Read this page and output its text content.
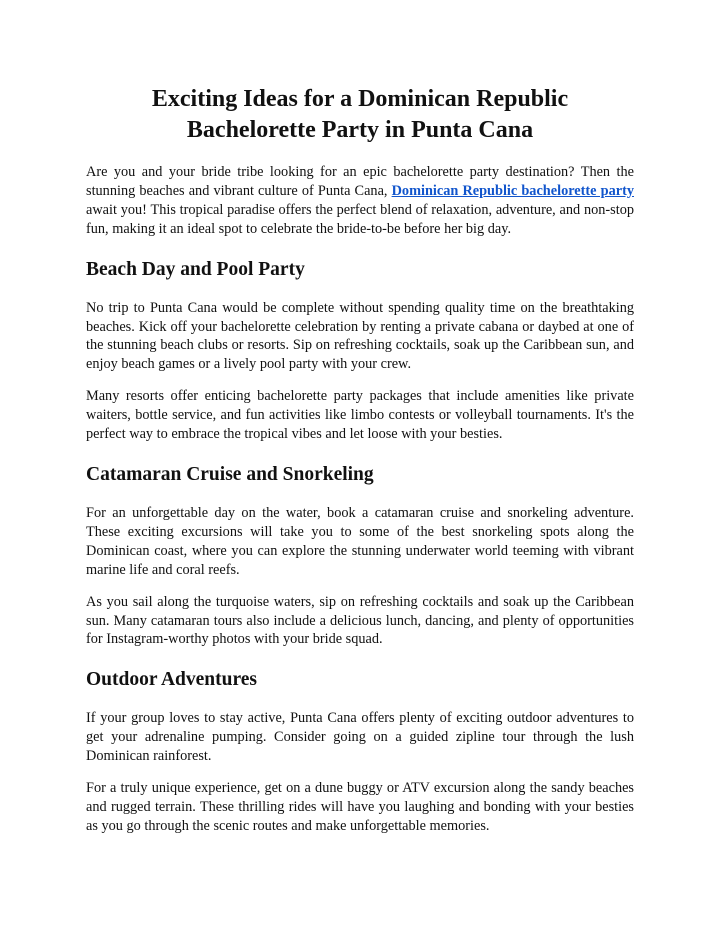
Exciting Ideas for a Dominican Republic Bachelorette Party in Punta Cana

Are you and your bride tribe looking for an epic bachelorette party destination? Then the stunning beaches and vibrant culture of Punta Cana, Dominican Republic bachelorette party await you! This tropical paradise offers the perfect blend of relaxation, adventure, and non-stop fun, making it an ideal spot to celebrate the bride-to-be before her big day.

Beach Day and Pool Party

No trip to Punta Cana would be complete without spending quality time on the breathtaking beaches. Kick off your bachelorette celebration by renting a private cabana or daybed at one of the stunning beach clubs or resorts. Sip on refreshing cocktails, soak up the Caribbean sun, and enjoy beach games or a lively pool party with your crew.

Many resorts offer enticing bachelorette party packages that include amenities like private waiters, bottle service, and fun activities like limbo contests or volleyball tournaments. It's the perfect way to embrace the tropical vibes and let loose with your besties.

Catamaran Cruise and Snorkeling

For an unforgettable day on the water, book a catamaran cruise and snorkeling adventure. These exciting excursions will take you to some of the best snorkeling spots along the Dominican coast, where you can explore the stunning underwater world teeming with vibrant marine life and coral reefs.

As you sail along the turquoise waters, sip on refreshing cocktails and soak up the Caribbean sun. Many catamaran tours also include a delicious lunch, dancing, and plenty of opportunities for Instagram-worthy photos with your bride squad.

Outdoor Adventures

If your group loves to stay active, Punta Cana offers plenty of exciting outdoor adventures to get your adrenaline pumping. Consider going on a guided zipline tour through the lush Dominican rainforest.

For a truly unique experience, get on a dune buggy or ATV excursion along the sandy beaches and rugged terrain. These thrilling rides will have you laughing and bonding with your besties as you go through the scenic routes and make unforgettable memories.
